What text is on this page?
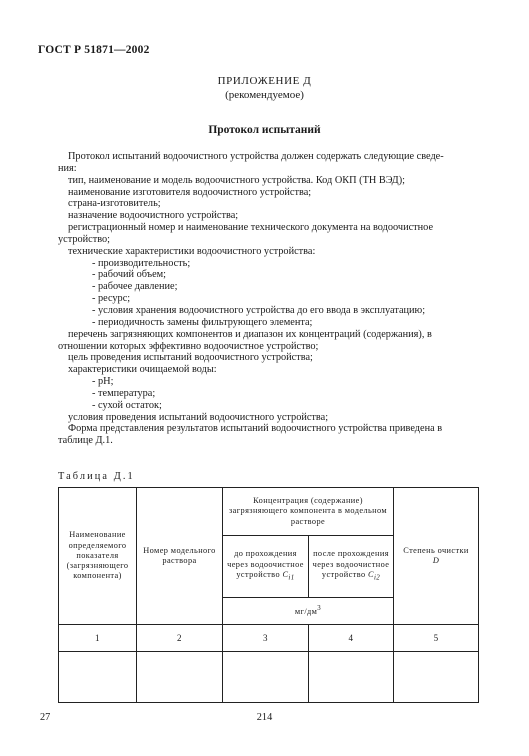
ГОСТ Р 51871—2002
ПРИЛОЖЕНИЕ Д
(рекомендуемое)
Протокол испытаний

Протокол испытаний водоочистного устройства должен содержать следующие сведе-

ния:

тип, наименование и модель водоочистного устройства. Код ОКП (ТН ВЭД);

наименование изготовителя водоочистного устройства;

страна-изготовитель;

назначение водоочистного устройства;

регистрационный номер и наименование технического документа на водоочистное

устройство;

технические характеристики водоочистного устройства:

- производительность;

- рабочий объем;

- рабочее давление;

- ресурс;

- условия хранения водоочистного устройства до его ввода в эксплуатацию;

- периодичность замены фильтрующего элемента;

перечень загрязняющих компонентов и диапазон их концентраций (содержания), в

отношении которых эффективно водоочистное устройство;

цель проведения испытаний водоочистного устройства;

характеристики очищаемой воды:

- pH;

- температура;

- сухой остаток;

условия проведения испытаний водоочистного устройства;

Форма представления результатов испытаний водоочистного устройства приведена в

таблице Д.1.

Таблица Д.1
Наименование определяемого показателя (загрязняющего компонента)	Номер модельного раствора	Концентрация (содержание) загрязняющего компонента в модельном растворе		Степень очистки
D
		до прохождения через водоочистное устройство $C_{i1}$	после прохождения через водоочистное устройство $C_{i2}$
		$мг/дм^3$
1	2	3	4	5

27	214
